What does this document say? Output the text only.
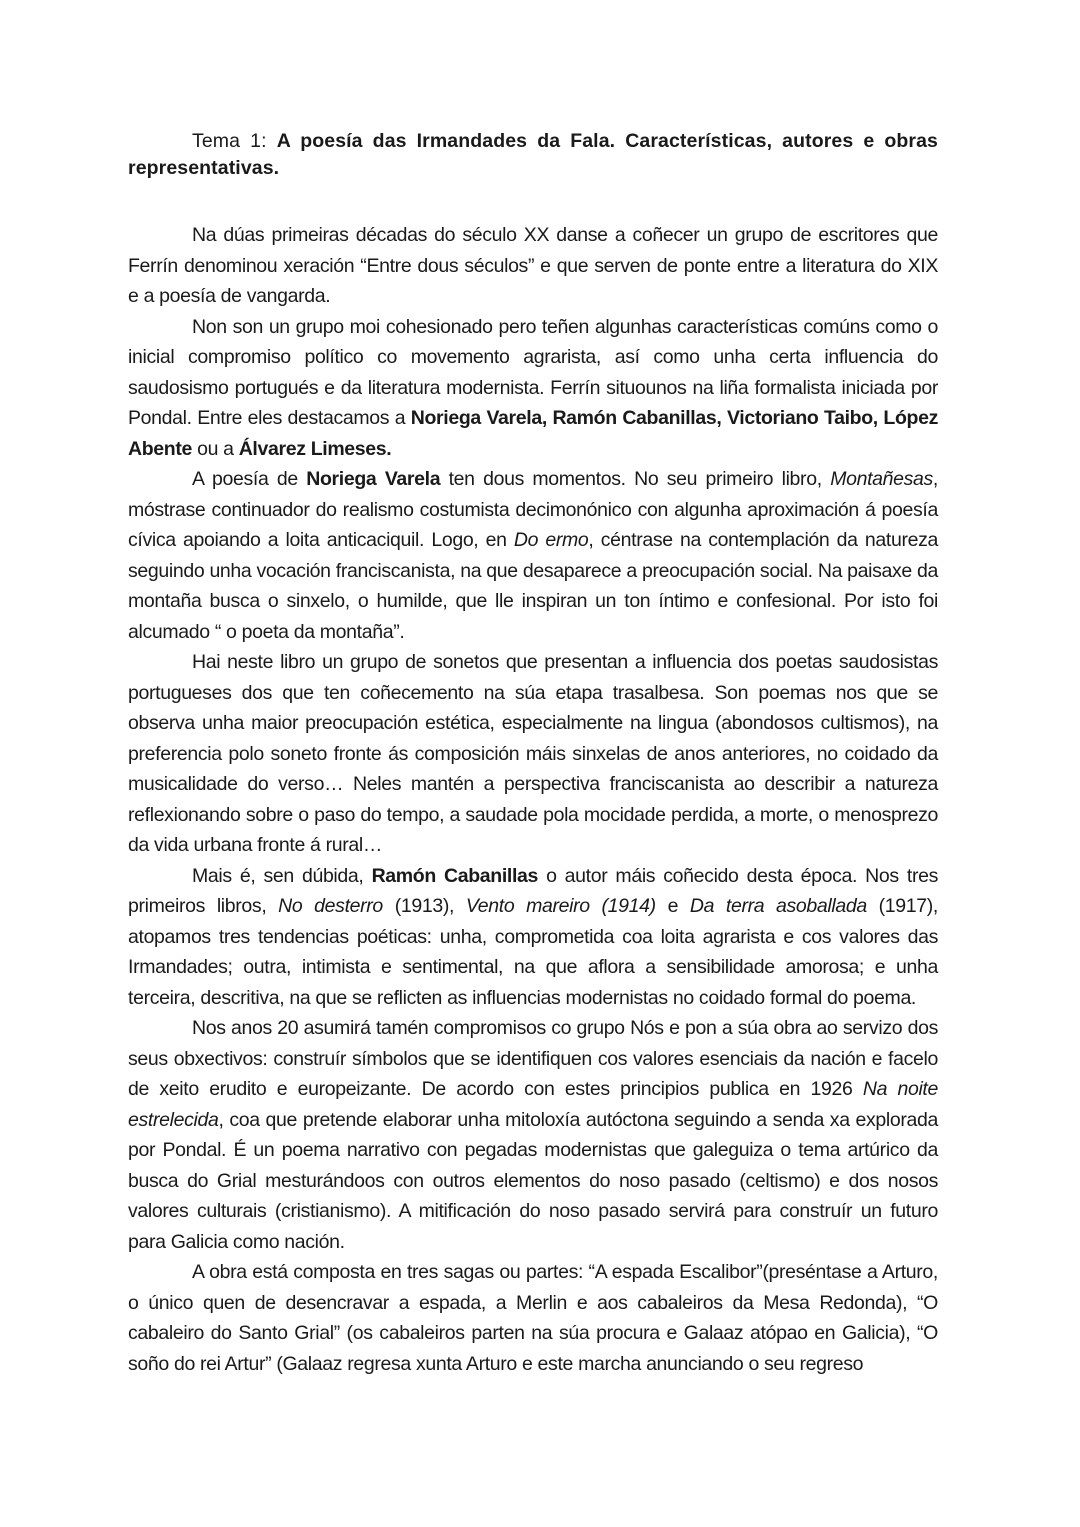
Tema 1: A poesía das Irmandades da Fala. Características, autores e obras representativas.

Na dúas primeiras décadas do século XX danse a coñecer un grupo de escritores que Ferrín denominou xeración “Entre dous séculos” e que serven de ponte entre a literatura do XIX e a poesía de vangarda.

Non son un grupo moi cohesionado pero teñen algunhas características comúns como o inicial compromiso político co movemento agrarista, así como unha certa influencia do saudosismo portugués e da literatura modernista. Ferrín situounos na liña formalista iniciada por Pondal. Entre eles destacamos a Noriega Varela, Ramón Cabanillas, Victoriano Taibo, López Abente ou a Álvarez Limeses.

A poesía de Noriega Varela ten dous momentos. No seu primeiro libro, Montañesas, móstrase continuador do realismo costumista decimonónico con algunha aproximación á poesía cívica apoiando a loita anticaciquil. Logo, en Do ermo, céntrase na contemplación da natureza seguindo unha vocación franciscanista, na que desaparece a preocupación social. Na paisaxe da montaña busca o sinxelo, o humilde, que lle inspiran un ton íntimo e confesional. Por isto foi alcumado “ o poeta da montaña”.

Hai neste libro un grupo de sonetos que presentan a influencia dos poetas saudosistas portugueses dos que ten coñecemento na súa etapa trasalbesa. Son poemas nos que se observa unha maior preocupación estética, especialmente na lingua (abondosos cultismos), na preferencia polo soneto fronte ás composición máis sinxelas de anos anteriores, no coidado da musicalidade do verso… Neles mantén a perspectiva franciscanista ao describir a natureza reflexionando sobre o paso do tempo, a saudade pola mocidade perdida, a morte, o menosprezo da vida urbana fronte á rural…

Mais é, sen dúbida, Ramón Cabanillas o autor máis coñecido desta época. Nos tres primeiros libros, No desterro (1913), Vento mareiro (1914) e Da terra asoballada (1917), atopamos tres tendencias poéticas: unha, comprometida coa loita agrarista e cos valores das Irmandades; outra, intimista e sentimental, na que aflora a sensibilidade amorosa; e unha terceira, descritiva, na que se reflicten as influencias modernistas no coidado formal do poema.

Nos anos 20 asumirá tamén compromisos co grupo Nós e pon a súa obra ao servizo dos seus obxectivos: construír símbolos que se identifiquen cos valores esenciais da nación e facelo de xeito erudito e europeizante. De acordo con estes principios publica en 1926 Na noite estrelecida, coa que pretende elaborar unha mitoloxía autóctona seguindo a senda xa explorada por Pondal. É un poema narrativo con pegadas modernistas que galeguiza o tema artúrico da busca do Grial mesturándoos con outros elementos do noso pasado (celtismo) e dos nosos valores culturais (cristianismo). A mitificación do noso pasado servirá para construír un futuro para Galicia como nación.

A obra está composta en tres sagas ou partes: “A espada Escalibor”(preséntase a Arturo, o único quen de desencravar a espada, a Merlin e aos cabaleiros da Mesa Redonda), “O cabaleiro do Santo Grial” (os cabaleiros parten na súa procura e Galaaz atópao en Galicia), “O soño do rei Artur” (Galaaz regresa xunta Arturo e este marcha anunciando o seu regreso
